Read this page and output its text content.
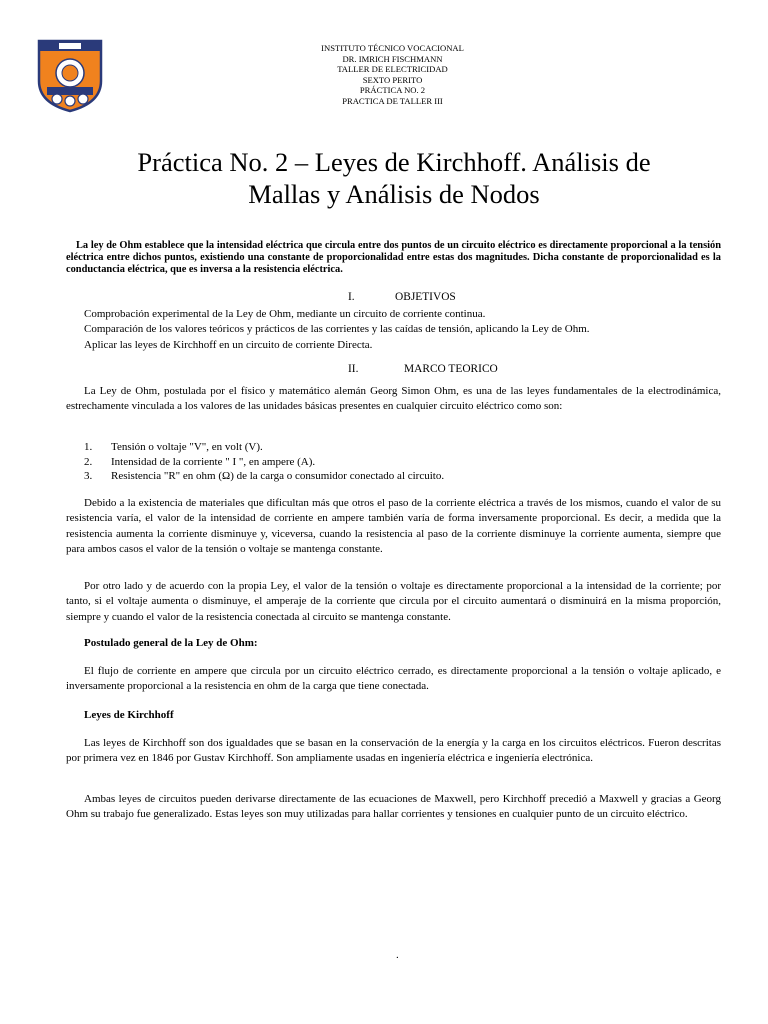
INSTITUTO TÉCNICO VOCACIONAL
DR. IMRICH FISCHMANN
TALLER DE ELECTRICIDAD
SEXTO PERITO
PRÁCTICA NO. 2
PRACTICA DE TALLER III
Práctica No. 2 – Leyes de Kirchhoff. Análisis de
Mallas y Análisis de Nodos

La ley de Ohm establece que la intensidad eléctrica que circula entre dos puntos de un circuito eléctrico es directamente proporcional a la tensión eléctrica entre dichos puntos, existiendo una constante de proporcionalidad entre estas dos magnitudes. Dicha constante de proporcionalidad es la conductancia eléctrica, que es inversa a la resistencia eléctrica.

I.	OBJETIVOS
Comprobación experimental de la Ley de Ohm, mediante un circuito de corriente continua.
Comparación de los valores teóricos y prácticos de las corrientes y las caídas de tensión, aplicando la Ley de Ohm.
Aplicar las leyes de Kirchhoff en un circuito de corriente Directa.
II.	MARCO TEORICO

La Ley de Ohm, postulada por el físico y matemático alemán Georg Simon Ohm, es una de las leyes fundamentales de la electrodinámica, estrechamente vinculada a los valores de las unidades básicas presentes en cualquier circuito eléctrico como son:

1. Tensión o voltaje "V", en volt (V).
2. Intensidad de la corriente " I ", en ampere (A).
3. Resistencia "R" en ohm (Ω) de la carga o consumidor conectado al circuito.

Debido a la existencia de materiales que dificultan más que otros el paso de la corriente eléctrica a través de los mismos, cuando el valor de su resistencia varía, el valor de la intensidad de corriente en ampere también varía de forma inversamente proporcional. Es decir, a medida que la resistencia aumenta la corriente disminuye y, viceversa, cuando la resistencia al paso de la corriente disminuye la corriente aumenta, siempre que para ambos casos el valor de la tensión o voltaje se mantenga constante.

Por otro lado y de acuerdo con la propia Ley, el valor de la tensión o voltaje es directamente proporcional a la intensidad de la corriente; por tanto, si el voltaje aumenta o disminuye, el amperaje de la corriente que circula por el circuito aumentará o disminuirá en la misma proporción, siempre y cuando el valor de la resistencia conectada al circuito se mantenga constante.

Postulado general de la Ley de Ohm:

El flujo de corriente en ampere que circula por un circuito eléctrico cerrado, es directamente proporcional a la tensión o voltaje aplicado, e inversamente proporcional a la resistencia en ohm de la carga que tiene conectada.

Leyes de Kirchhoff

Las leyes de Kirchhoff son dos igualdades que se basan en la conservación de la energía y la carga en los circuitos eléctricos. Fueron descritas por primera vez en 1846 por Gustav Kirchhoff. Son ampliamente usadas en ingeniería eléctrica e ingeniería electrónica.

Ambas leyes de circuitos pueden derivarse directamente de las ecuaciones de Maxwell, pero Kirchhoff precedió a Maxwell y gracias a Georg Ohm su trabajo fue generalizado. Estas leyes son muy utilizadas para hallar corrientes y tensiones en cualquier punto de un circuito eléctrico.

.
